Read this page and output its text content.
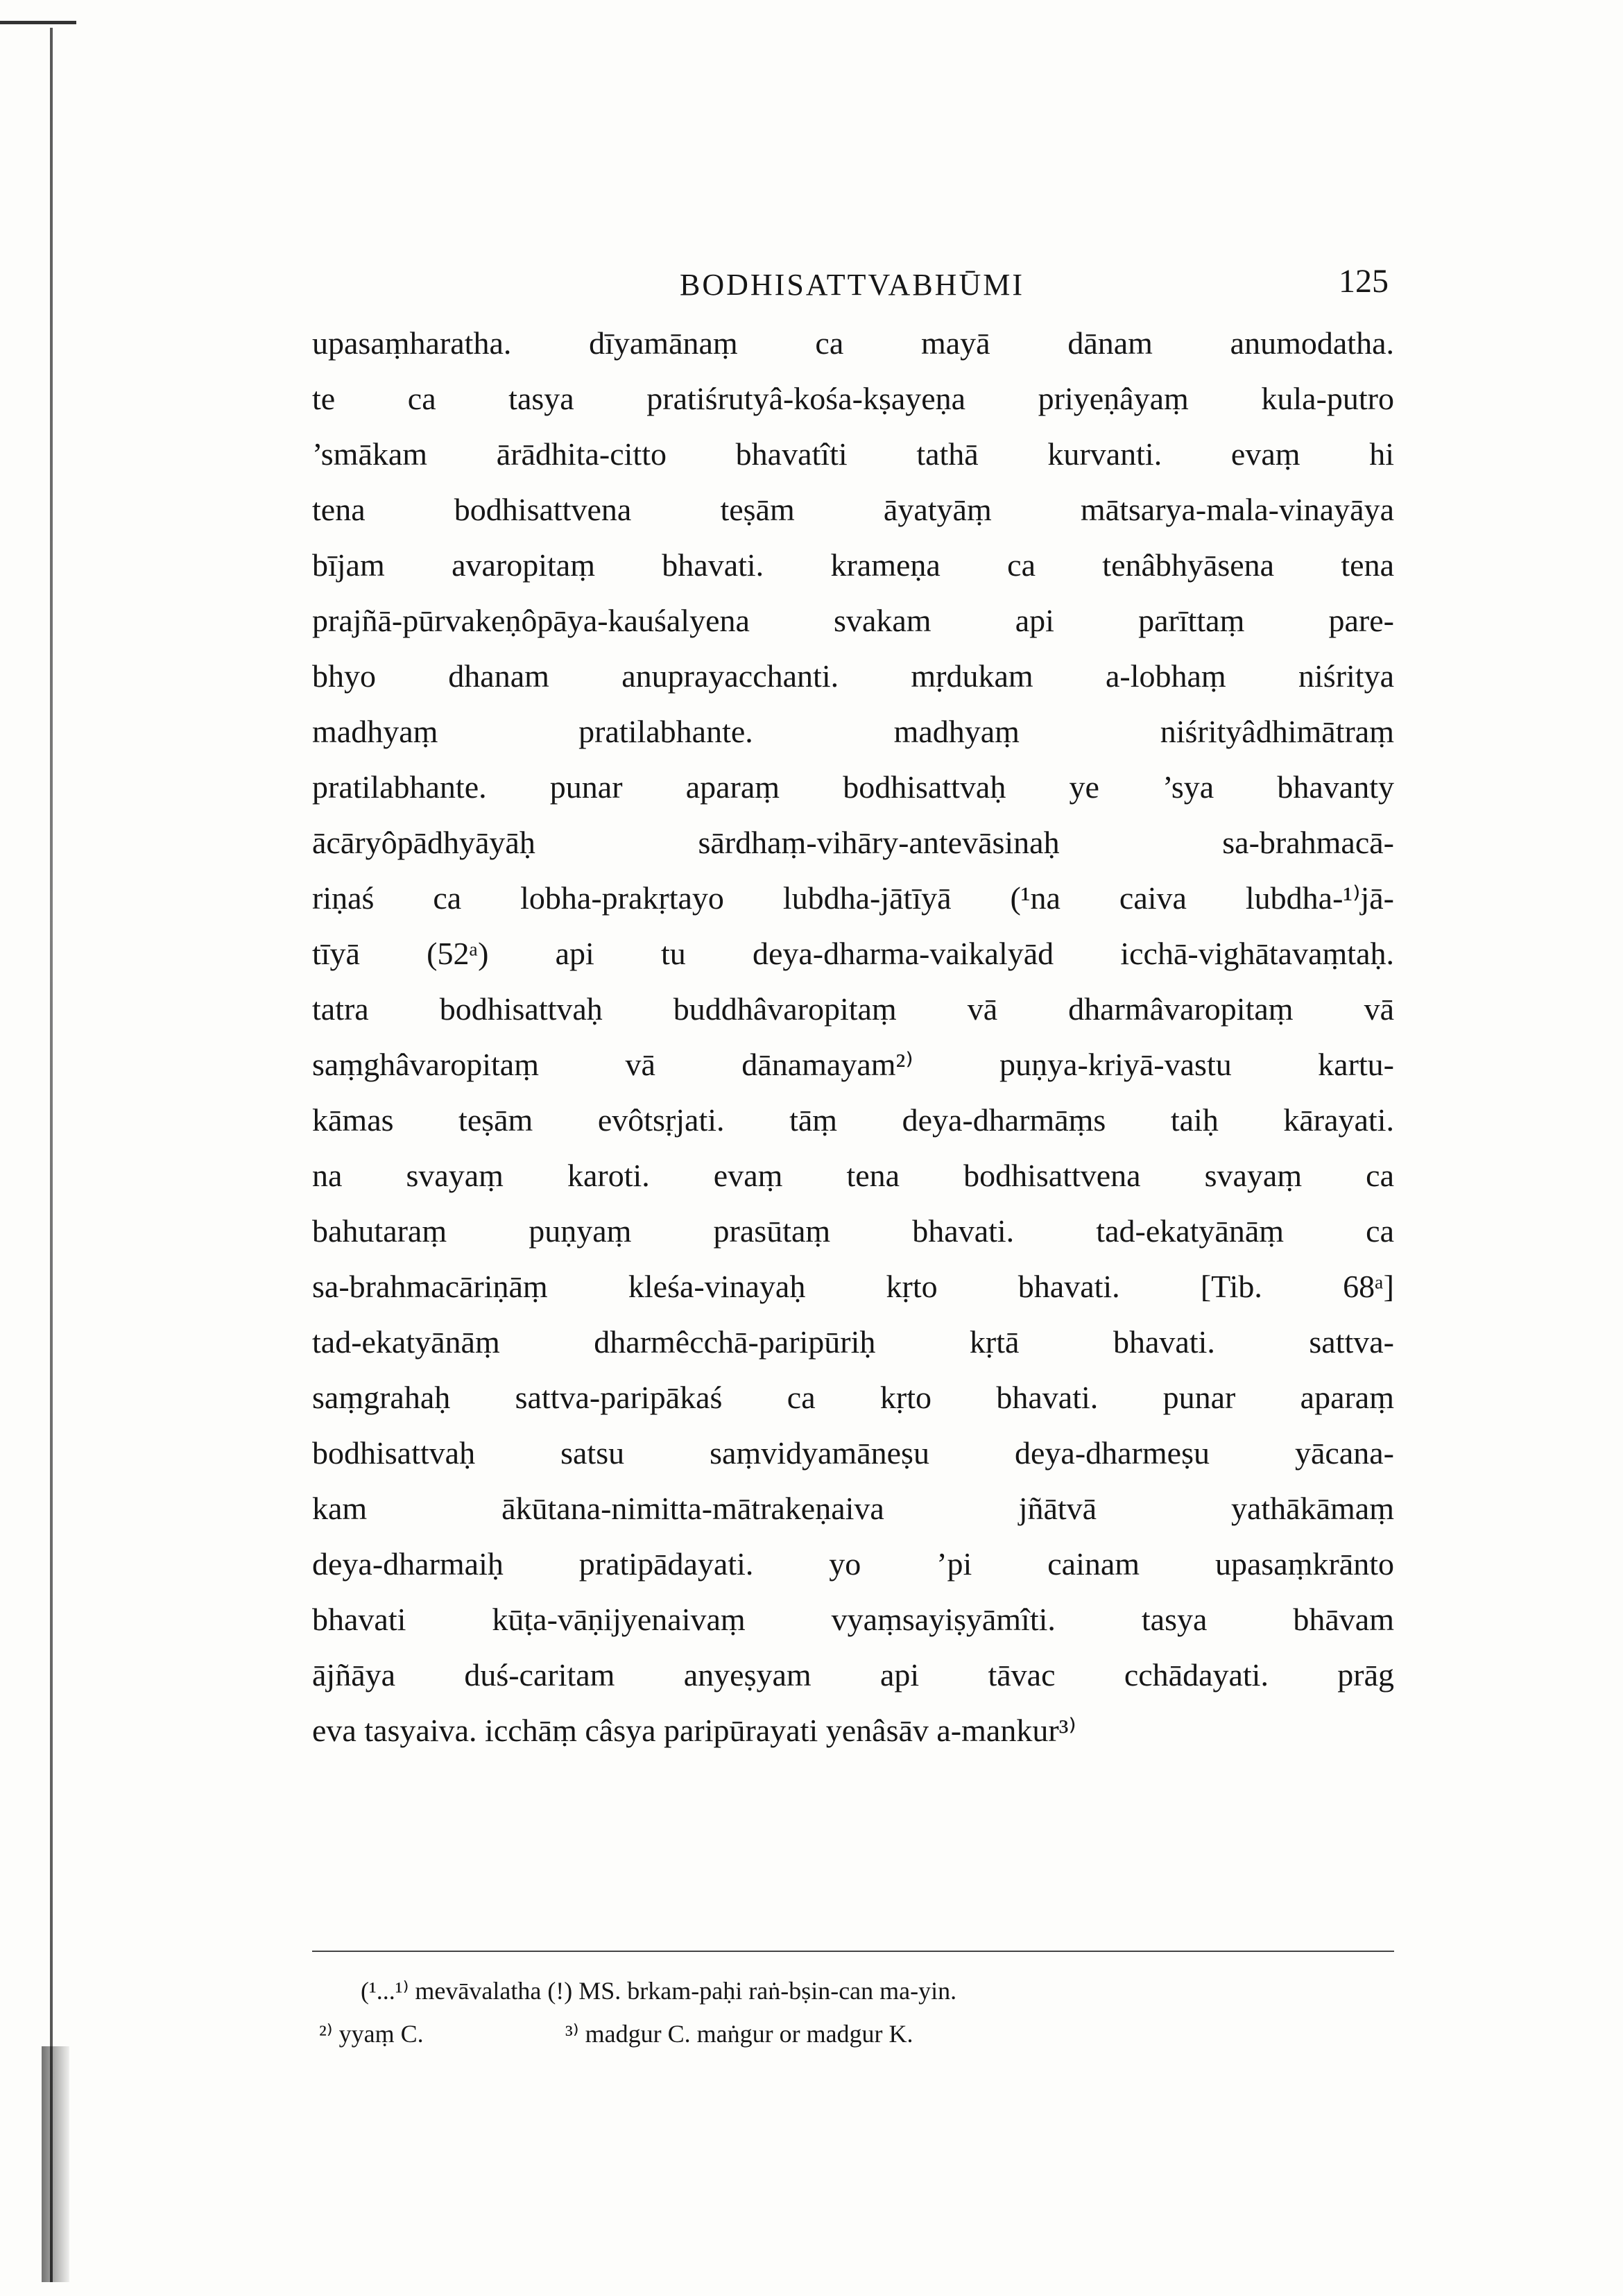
BODHISATTVABHŪMI	125
upasaṃharatha. dīyamānaṃ ca mayā dānam anumodatha.
te ca tasya pratiśrutyâ-kośa-kṣayeṇa priyeṇâyaṃ kula-putro
’smākam ārādhita-citto bhavatîti tathā kurvanti. evaṃ hi
tena bodhisattvena teṣām āyatyāṃ mātsarya-mala-vinayāya
bījam avaropitaṃ bhavati. krameṇa ca tenâbhyāsena tena
prajñā-pūrvakeṇôpāya-kauśalyena svakam api parīttaṃ pare-
bhyo dhanam anuprayacchanti. mṛdukam a-lobhaṃ niśritya
madhyaṃ pratilabhante. madhyaṃ niśrityâdhimātraṃ
pratilabhante. punar aparaṃ bodhisattvaḥ ye ’sya bhavanty
ācāryôpādhyāyāḥ sārdhaṃ-vihāry-antevāsinaḥ sa-brahmacā-
riṇaś ca lobha-prakṛtayo lubdha-jātīyā (¹na caiva lubdha-¹⁾jā-
tīyā (52ᵃ) api tu deya-dharma-vaikalyād icchā-vighātavaṃtaḥ.
tatra bodhisattvaḥ buddhâvaropitaṃ vā dharmâvaropitaṃ vā
saṃghâvaropitaṃ vā dānamayam²⁾ puṇya-kriyā-vastu kartu-
kāmas teṣām evôtsṛjati. tāṃ deya-dharmāṃs taiḥ kārayati.
na svayaṃ karoti. evaṃ tena bodhisattvena svayaṃ ca
bahutaraṃ puṇyaṃ prasūtaṃ bhavati. tad-ekatyānāṃ ca
sa-brahmacāriṇāṃ kleśa-vinayaḥ kṛto bhavati. [Tib. 68ᵃ]
tad-ekatyānāṃ dharmêcchā-paripūriḥ kṛtā bhavati. sattva-
saṃgrahaḥ sattva-paripākaś ca kṛto bhavati. punar aparaṃ
bodhisattvaḥ satsu saṃvidyamāneṣu deya-dharmeṣu yācana-
kam ākūtana-nimitta-mātrakeṇaiva jñātvā yathākāmaṃ
deya-dharmaiḥ pratipādayati. yo ’pi cainam upasaṃkrānto
bhavati kūṭa-vāṇijyenaivaṃ vyaṃsayiṣyāmîti. tasya bhāvam
ājñāya duś-caritam anyeṣyam api tāvac cchādayati. prāg
eva tasyaiva. icchāṃ câsya paripūrayati yenâsāv a-mankur³⁾
(¹...¹⁾ mevāvalatha (!) MS. brkam-paḥi raṅ-bṣin-can ma-yin.
²⁾ yyaṃ C.	³⁾ madgur C. maṅgur or madgur K.
